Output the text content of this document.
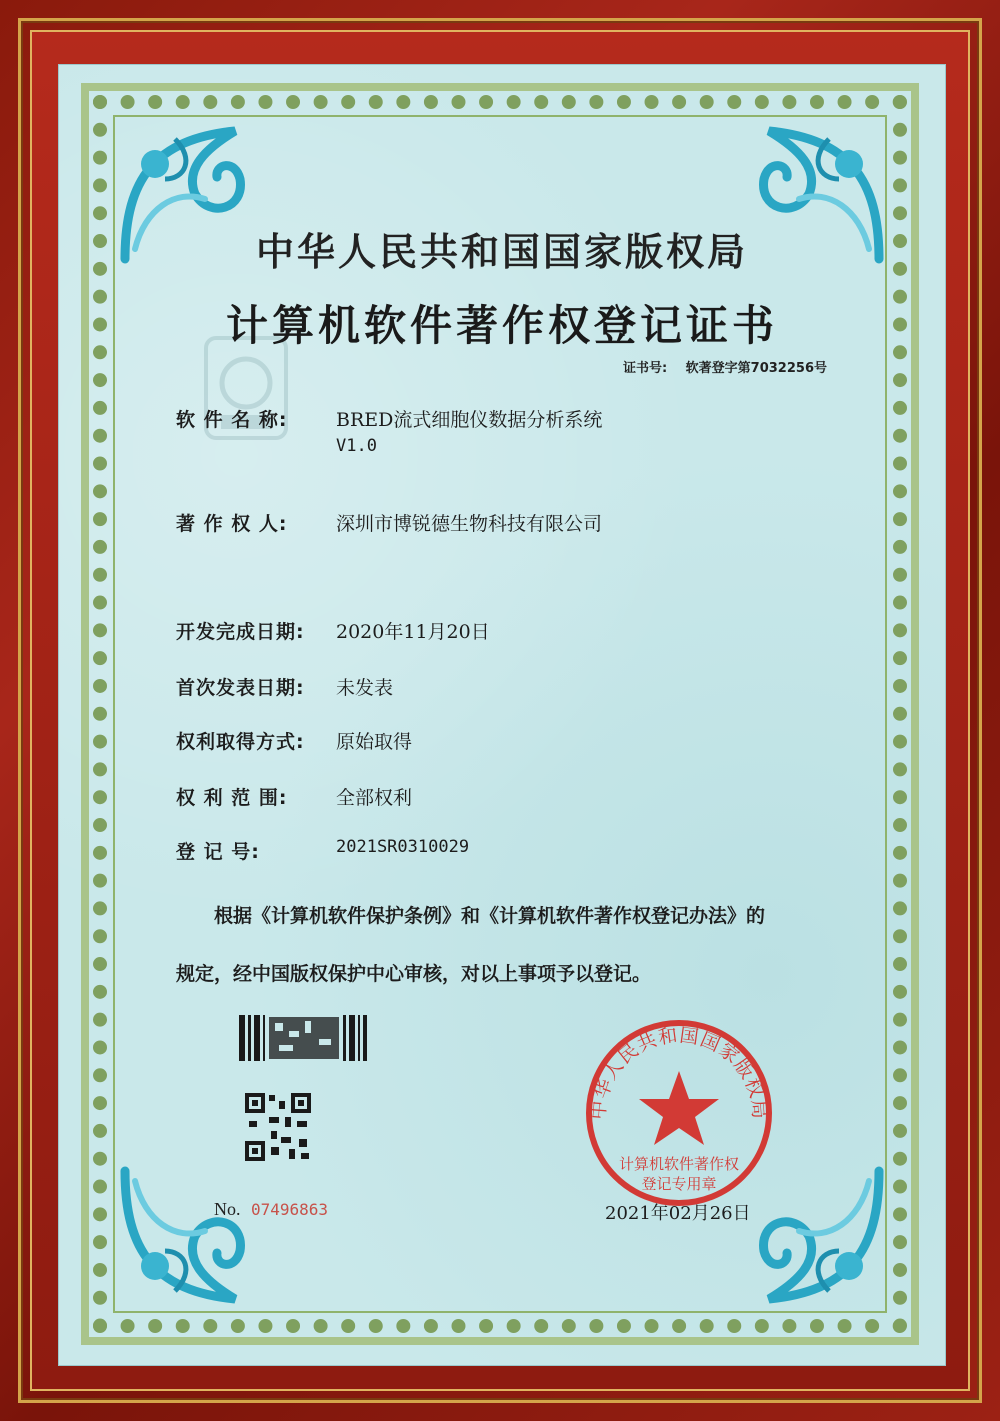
中华人民共和国国家版权局
计算机软件著作权登记证书
证书号: 软著登字第7032256号
软 件 名 称:	BRED流式细胞仪数据分析系统
V1.0
著 作 权 人:	深圳市博锐德生物科技有限公司
开发完成日期: 2020年11月20日
首次发表日期: 未发表
权利取得方式: 原始取得
权 利 范 围:	全部权利
登 记 号:	2021SR0310029
根据《计算机软件保护条例》和《计算机软件著作权登记办法》的
规定，经中国版权保护中心审核，对以上事项予以登记。
No. 07496863
中华人民共和国国家版权局
计算机软件著作权
登记专用章
2021年02月26日
